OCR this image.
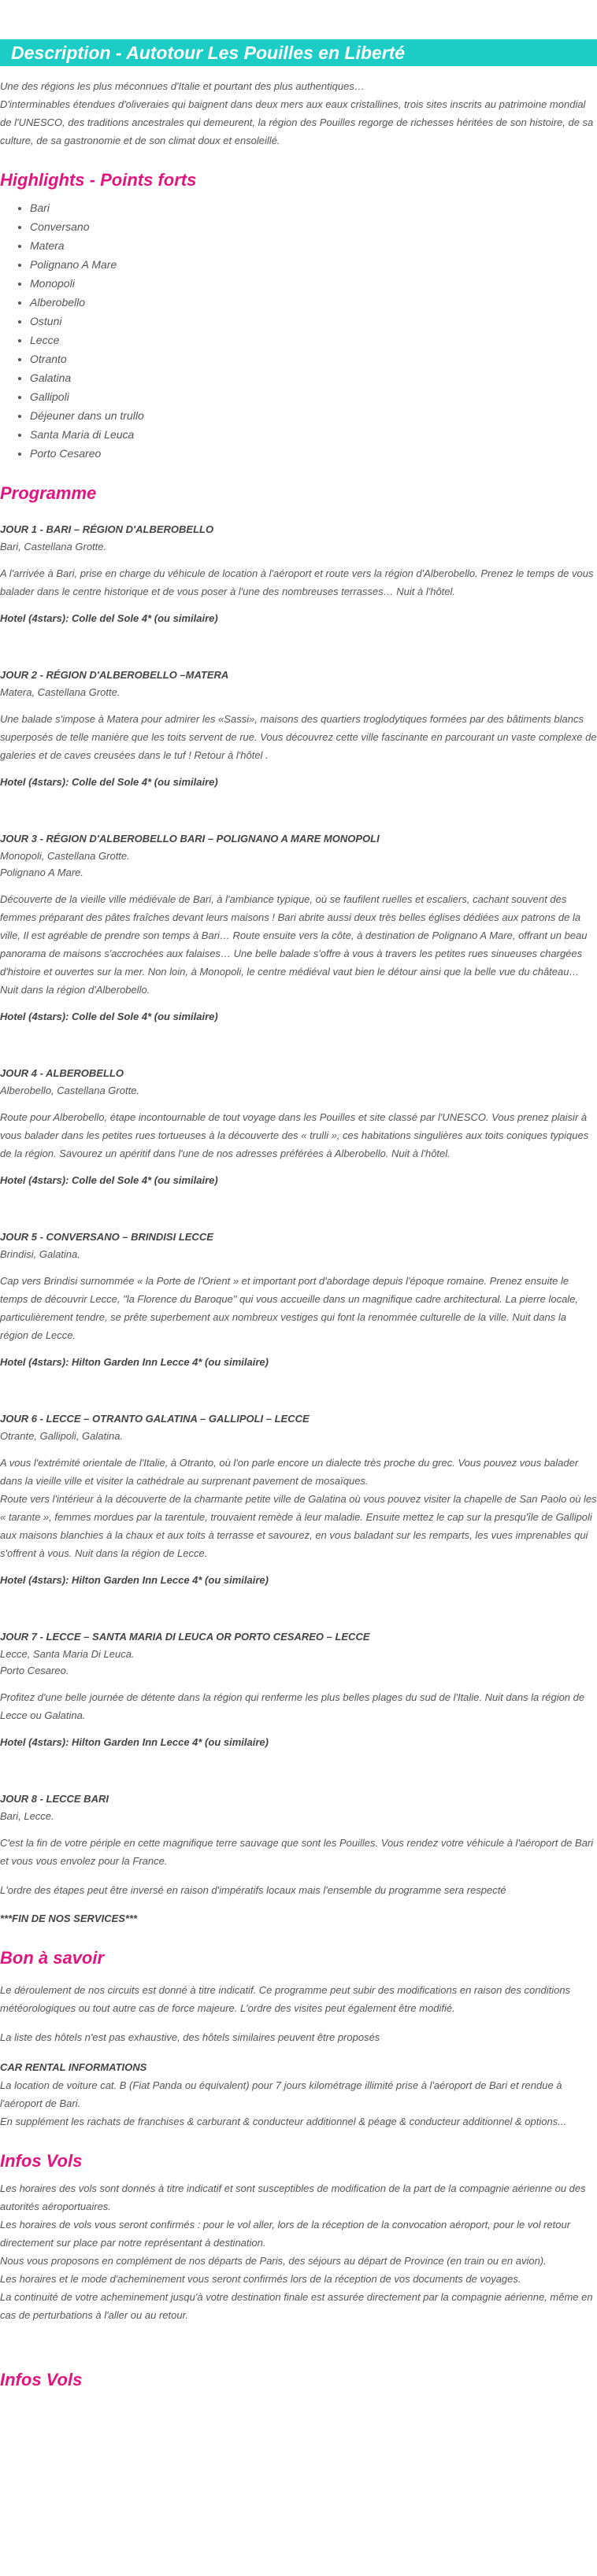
Description - Autotour Les Pouilles en Liberté
Une des régions les plus méconnues d'Italie et pourtant des plus authentiques…
D'interminables étendues d'oliveraies qui baignent dans deux mers aux eaux cristallines, trois sites inscrits au patrimoine mondial de l'UNESCO, des traditions ancestrales qui demeurent, la région des Pouilles regorge de richesses héritées de son histoire, de sa culture, de sa gastronomie et de son climat doux et ensoleillé.
Highlights - Points forts
• Bari
• Conversano
• Matera
• Polignano A Mare
• Monopoli
• Alberobello
• Ostuni
• Lecce
• Otranto
• Galatina
• Gallipoli
• Déjeuner dans un trullo
• Santa Maria di Leuca
• Porto Cesareo
Programme
JOUR 1 - BARI – RÉGION D'ALBEROBELLO
Bari, Castellana Grotte.
A l'arrivée à Bari, prise en charge du véhicule de location à l'aéroport et route vers la région d'Alberobello. Prenez le temps de vous balader dans le centre historique et de vous poser à l'une des nombreuses terrasses… Nuit à l'hôtel.
Hotel (4stars): Colle del Sole 4* (ou similaire)
JOUR 2 - RÉGION D'ALBEROBELLO –MATERA
Matera, Castellana Grotte.
Une balade s'impose à Matera pour admirer les «Sassi», maisons des quartiers troglodytiques formées par des bâtiments blancs superposés de telle manière que les toits servent de rue. Vous découvrez cette ville fascinante en parcourant un vaste complexe de galeries et de caves creusées dans le tuf ! Retour à l'hôtel .
Hotel (4stars): Colle del Sole 4* (ou similaire)
JOUR 3 - RÉGION D'ALBEROBELLO BARI – POLIGNANO A MARE MONOPOLI
Monopoli, Castellana Grotte.
Polignano A Mare.
Découverte de la vieille ville médiévale de Bari, à l'ambiance typique, où se faufilent ruelles et escaliers, cachant souvent des femmes préparant des pâtes fraîches devant leurs maisons ! Bari abrite aussi deux très belles églises dédiées aux patrons de la ville, Il est agréable de prendre son temps à Bari… Route ensuite vers la côte, à destination de Polignano A Mare, offrant un beau panorama de maisons s'accrochées aux falaises… Une belle balade s'offre à vous à travers les petites rues sinueuses chargées d'histoire et ouvertes sur la mer. Non loin, à Monopoli, le centre médiéval vaut bien le détour ainsi que la belle vue du château… Nuit dans la région d'Alberobello.
Hotel (4stars): Colle del Sole 4* (ou similaire)
JOUR 4 - ALBEROBELLO
Alberobello, Castellana Grotte.
Route pour Alberobello, étape incontournable de tout voyage dans les Pouilles et site classé par l'UNESCO. Vous prenez plaisir à vous balader dans les petites rues tortueuses à la découverte des « trulli », ces habitations singulières aux toits coniques typiques de la région. Savourez un apéritif dans l'une de nos adresses préférées à Alberobello. Nuit à l'hôtel.
Hotel (4stars): Colle del Sole 4* (ou similaire)
JOUR 5 - CONVERSANO – BRINDISI LECCE
Brindisi, Galatina.
Cap vers Brindisi surnommée « la Porte de l'Orient » et important port d'abordage depuis l'époque romaine. Prenez ensuite le temps de découvrir Lecce, "la Florence du Baroque" qui vous accueille dans un magnifique cadre architectural. La pierre locale, particulièrement tendre, se prête superbement aux nombreux vestiges qui font la renommée culturelle de la ville. Nuit dans la région de Lecce.
Hotel (4stars): Hilton Garden Inn Lecce 4* (ou similaire)
JOUR 6 - LECCE – OTRANTO GALATINA – GALLIPOLI – LECCE
Otrante, Gallipoli, Galatina.
A vous l'extrémité orientale de l'Italie, à Otranto, où l'on parle encore un dialecte très proche du grec. Vous pouvez vous balader dans la vieille ville et visiter la cathédrale au surprenant pavement de mosaïques.
Route vers l'intérieur à la découverte de la charmante petite ville de Galatina où vous pouvez visiter la chapelle de San Paolo où les « tarante », femmes mordues par la tarentule, trouvaient remède à leur maladie. Ensuite mettez le cap sur la presqu'île de Gallipoli aux maisons blanchies à la chaux et aux toits à terrasse et savourez, en vous baladant sur les remparts, les vues imprenables qui s'offrent à vous. Nuit dans la région de Lecce.
Hotel (4stars): Hilton Garden Inn Lecce 4* (ou similaire)
JOUR 7 - LECCE – SANTA MARIA DI LEUCA OR PORTO CESAREO – LECCE
Lecce, Santa Maria Di Leuca.
Porto Cesareo.
Profitez d'une belle journée de détente dans la région qui renferme les plus belles plages du sud de l'Italie. Nuit dans la région de Lecce ou Galatina.
Hotel (4stars): Hilton Garden Inn Lecce 4* (ou similaire)
JOUR 8 - LECCE BARI
Bari, Lecce.
C'est la fin de votre périple en cette magnifique terre sauvage que sont les Pouilles. Vous rendez votre véhicule à l'aéroport de Bari et vous vous envolez pour la France.
L'ordre des étapes peut être inversé en raison d'impératifs locaux mais l'ensemble du programme sera respecté
***FIN DE NOS SERVICES***
Bon à savoir
Le déroulement de nos circuits est donné à titre indicatif. Ce programme peut subir des modifications en raison des conditions météorologiques ou tout autre cas de force majeure. L'ordre des visites peut également être modifié.
La liste des hôtels n'est pas exhaustive, des hôtels similaires peuvent être proposés
CAR RENTAL INFORMATIONS
La location de voiture cat. B (Fiat Panda ou équivalent) pour 7 jours kilométrage illimité prise à l'aéroport de Bari et rendue à l'aéroport de Bari.
En supplément les rachats de franchises & carburant & conducteur additionnel & péage & conducteur additionnel & options...
Infos Vols
Les horaires des vols sont donnés à titre indicatif et sont susceptibles de modification de la part de la compagnie aérienne ou des autorités aéroportuaires.
Les horaires de vols vous seront confirmés : pour le vol aller, lors de la réception de la convocation aéroport, pour le vol retour directement sur place par notre représentant à destination.
Nous vous proposons en complément de nos départs de Paris, des séjours au départ de Province (en train ou en avion).
Les horaires et le mode d'acheminement vous seront confirmés lors de la réception de vos documents de voyages.
La continuité de votre acheminement jusqu'à votre destination finale est assurée directement par la compagnie aérienne, même en cas de perturbations à l'aller ou au retour.
Infos Vols
